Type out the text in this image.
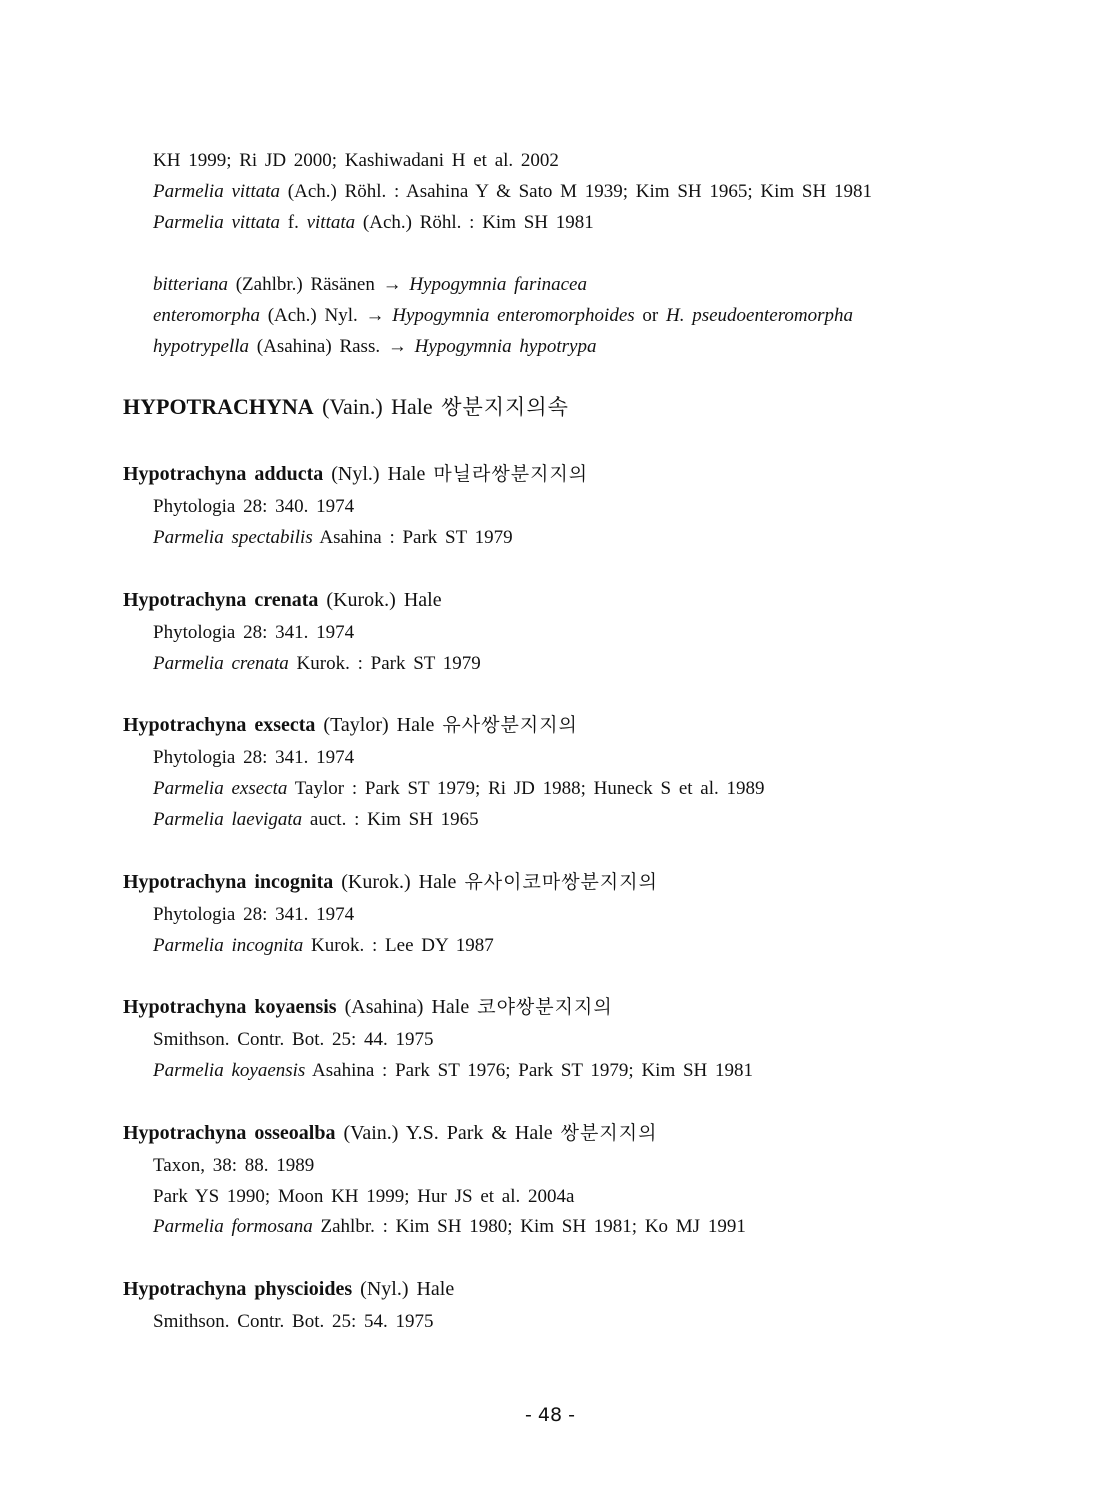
KH 1999; Ri JD 2000; Kashiwadani H et al. 2002
Parmelia vittata (Ach.) Röhl. : Asahina Y & Sato M 1939; Kim SH 1965; Kim SH 1981
Parmelia vittata f. vittata (Ach.) Röhl. : Kim SH 1981
bitteriana (Zahlbr.) Räsänen → Hypogymnia farinacea
enteromorpha (Ach.) Nyl. → Hypogymnia enteromorphoides or H. pseudoenteromorpha
hypotrypella (Asahina) Rass. → Hypogymnia hypotrypa
HYPOTRACHYNA (Vain.) Hale 쌍분지지의속
Hypotrachyna adducta (Nyl.) Hale 마닐라쌍분지지의
Phytologia 28: 340. 1974
Parmelia spectabilis Asahina : Park ST 1979
Hypotrachyna crenata (Kurok.) Hale
Phytologia 28: 341. 1974
Parmelia crenata Kurok. : Park ST 1979
Hypotrachyna exsecta (Taylor) Hale 유사쌍분지지의
Phytologia 28: 341. 1974
Parmelia exsecta Taylor : Park ST 1979; Ri JD 1988; Huneck S et al. 1989
Parmelia laevigata auct. : Kim SH 1965
Hypotrachyna incognita (Kurok.) Hale 유사이코마쌍분지지의
Phytologia 28: 341. 1974
Parmelia incognita Kurok. : Lee DY 1987
Hypotrachyna koyaensis (Asahina) Hale 코야쌍분지지의
Smithson. Contr. Bot. 25: 44. 1975
Parmelia koyaensis Asahina : Park ST 1976; Park ST 1979; Kim SH 1981
Hypotrachyna osseoalba (Vain.) Y.S. Park & Hale 쌍분지지의
Taxon, 38: 88. 1989
Park YS 1990; Moon KH 1999; Hur JS et al. 2004a
Parmelia formosana Zahlbr. : Kim SH 1980; Kim SH 1981; Ko MJ 1991
Hypotrachyna physcioides (Nyl.) Hale
Smithson. Contr. Bot. 25: 54. 1975
- 48 -
